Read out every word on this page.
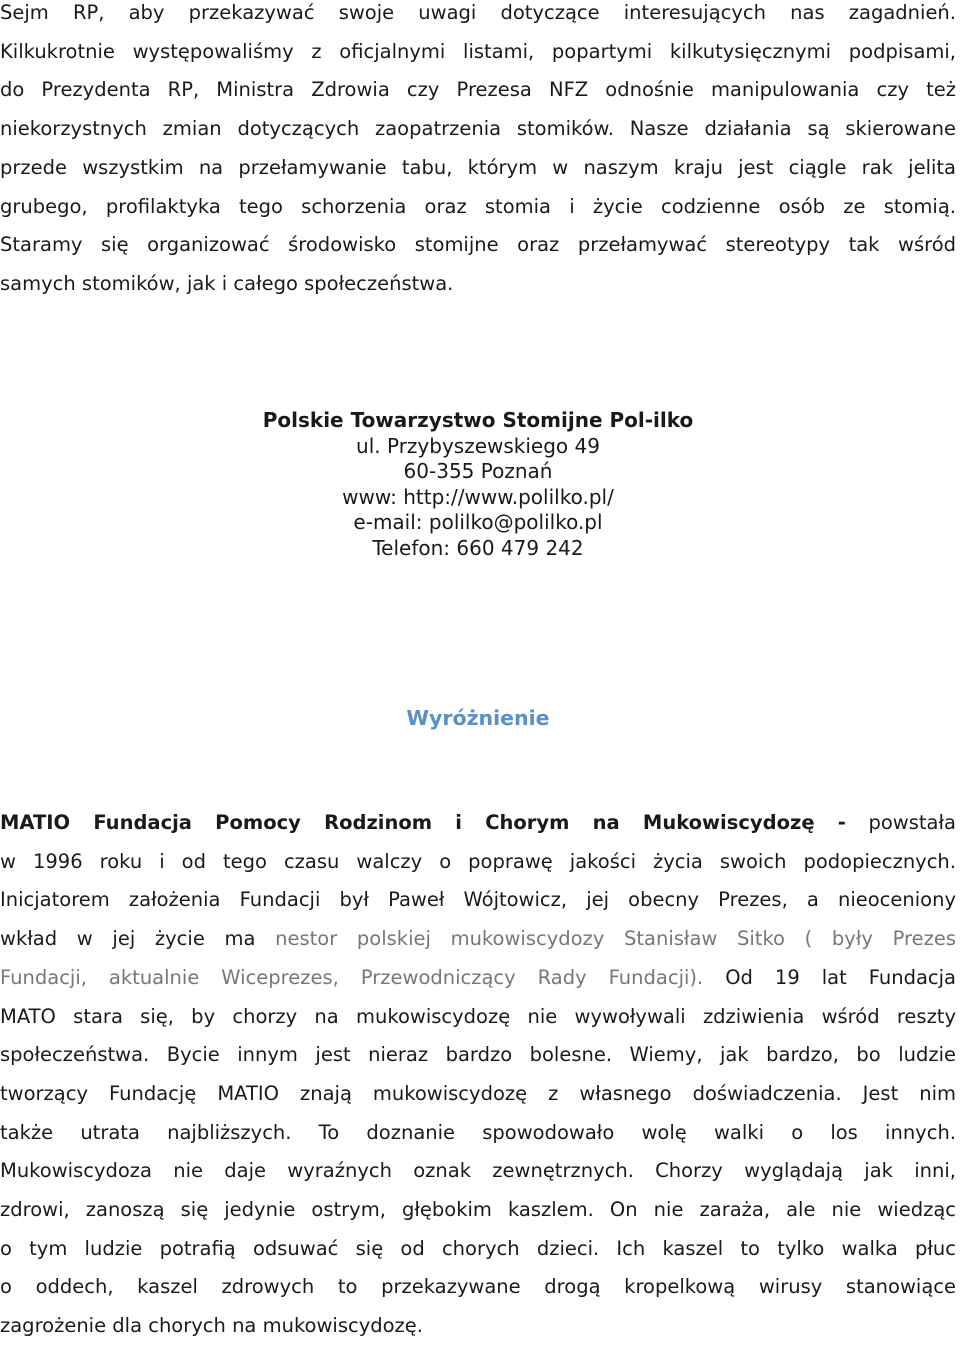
Sejm RP, aby przekazywać swoje uwagi dotyczące interesujących nas zagadnień.
Kilkukrotnie występowaliśmy z oficjalnymi listami, popartymi kilkutysięcznymi podpisami,
do Prezydenta RP, Ministra Zdrowia czy Prezesa NFZ odnośnie manipulowania czy też
niekorzystnych zmian dotyczących zaopatrzenia stomików. Nasze działania są skierowane
przede wszystkim na przełamywanie tabu, którym w naszym kraju jest ciągle rak jelita
grubego, profilaktyka tego schorzenia oraz stomia i życie codzienne osób ze stomią.
Staramy się organizować środowisko stomijne oraz przełamywać stereotypy tak wśród
samych stomików, jak i całego społeczeństwa.
Polskie Towarzystwo Stomijne Pol-ilko
ul. Przybyszewskiego 49
60-355 Poznań
www: http://www.polilko.pl/
e-mail: polilko@polilko.pl
Telefon: 660 479 242
Wyróżnienie
MATIO Fundacja Pomocy Rodzinom i Chorym na Mukowiscydozę - powstała
w 1996 roku i od tego czasu walczy o poprawę jakości życia swoich podopiecznych.
Inicjatorem założenia Fundacji był Paweł Wójtowicz, jej obecny Prezes, a nieoceniony
wkład w jej życie ma nestor polskiej mukowiscydozy Stanisław Sitko ( były Prezes
Fundacji, aktualnie Wiceprezes, Przewodniczący Rady Fundacji). Od 19 lat Fundacja
MATO stara się, by chorzy na mukowiscydozę nie wywoływali zdziwienia wśród reszty
społeczeństwa. Bycie innym jest nieraz bardzo bolesne. Wiemy, jak bardzo, bo ludzie
tworzący Fundację MATIO znają mukowiscydozę z własnego doświadczenia. Jest nim
także utrata najbliższych. To doznanie spowodowało wolę walki o los innych.
Mukowiscydoza nie daje wyraźnych oznak zewnętrznych. Chorzy wyglądają jak inni,
zdrowi, zanoszą się jedynie ostrym, głębokim kaszlem. On nie zaraża, ale nie wiedząc
o tym ludzie potrafią odsuwać się od chorych dzieci. Ich kaszel to tylko walka płuc
o oddech, kaszel zdrowych to przekazywane drogą kropelkową wirusy stanowiące
zagrożenie dla chorych na mukowiscydozę.
